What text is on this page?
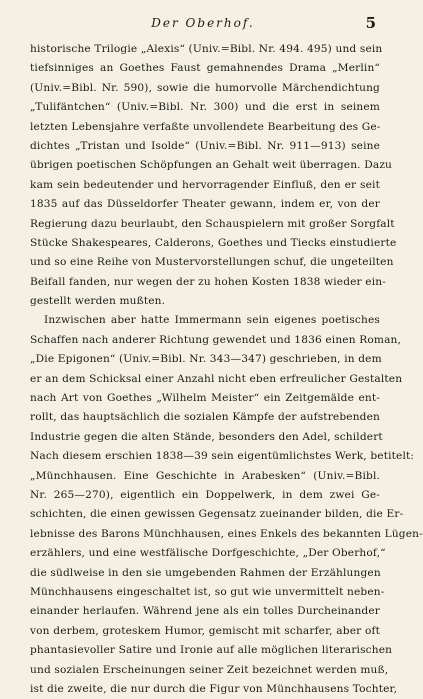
Der Oberhof.	5
historische Trilogie „Alexis“ (Univ.=Bibl. Nr. 494. 495) und sein
tiefsinniges an Goethes Faust gemahnendes Drama „Merlin“
(Univ.=Bibl. Nr. 590), sowie die humorvolle Märchendichtung
„Tulifäntchen“ (Univ.=Bibl. Nr. 300) und die erst in seinem
letzten Lebensjahre verfaßte unvollendete Bearbeitung des Ge-
dichtes „Tristan und Isolde“ (Univ.=Bibl. Nr. 911—913) seine
übrigen poetischen Schöpfungen an Gehalt weit überragen. Dazu
kam sein bedeutender und hervorragender Einfluß, den er seit
1835 auf das Düsseldorfer Theater gewann, indem er, von der
Regierung dazu beurlaubt, den Schauspielern mit großer Sorgfalt
Stücke Shakespeares, Calderons, Goethes und Tiecks einstudierte
und so eine Reihe von Mustervorstellungen schuf, die ungeteilten
Beifall fanden, nur wegen der zu hohen Kosten 1838 wieder ein-
gestellt werden mußten.
Inzwischen aber hatte Immermann sein eigenes poetisches
Schaffen nach anderer Richtung gewendet und 1836 einen Roman,
„Die Epigonen“ (Univ.=Bibl. Nr. 343—347) geschrieben, in dem
er an dem Schicksal einer Anzahl nicht eben erfreulicher Gestalten
nach Art von Goethes „Wilhelm Meister“ ein Zeitgemälde ent-
rollt, das hauptsächlich die sozialen Kämpfe der aufstrebenden
Industrie gegen die alten Stände, besonders den Adel, schildert
Nach diesem erschien 1838—39 sein eigentümlichstes Werk, betitelt:
„Münchhausen. Eine Geschichte in Arabesken“ (Univ.=Bibl.
Nr. 265—270), eigentlich ein Doppelwerk, in dem zwei Ge-
schichten, die einen gewissen Gegensatz zueinander bilden, die Er-
lebnisse des Barons Münchhausen, eines Enkels des bekannten Lügen-
erzählers, und eine westfälische Dorfgeschichte, „Der Oberhof,“
die südlweise in den sie umgebenden Rahmen der Erzählungen
Münchhausens eingeschaltet ist, so gut wie unvermittelt neben-
einander herlaufen. Während jene als ein tolles Durcheinander
von derbem, groteskem Humor, gemischt mit scharfer, aber oft
phantasievoller Satire und Ironie auf alle möglichen literarischen
und sozialen Erscheinungen seiner Zeit bezeichnet werden muß,
ist die zweite, die nur durch die Figur von Münchhausens Tochter,
